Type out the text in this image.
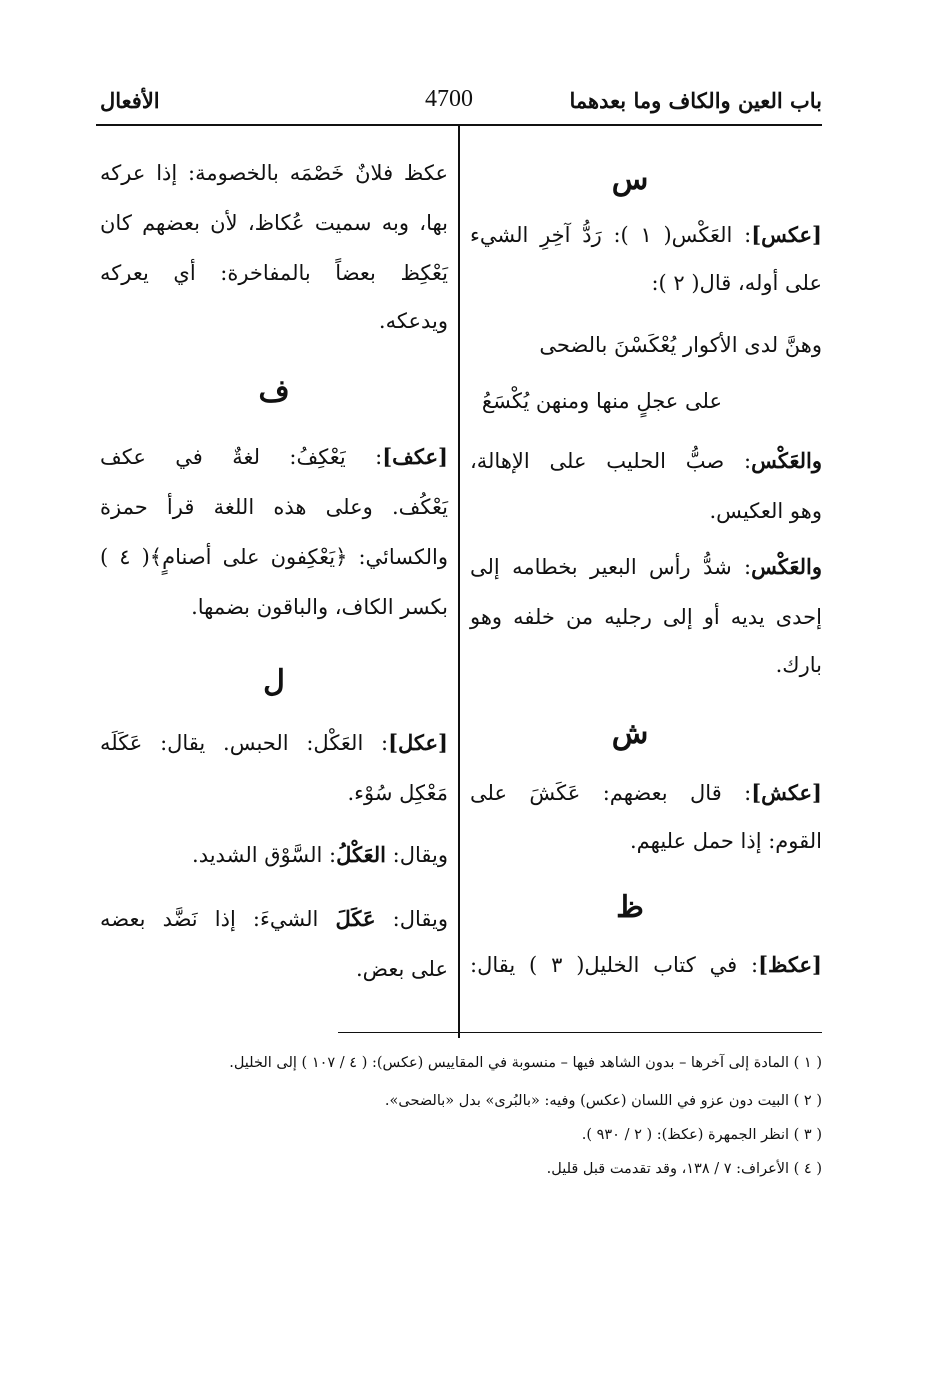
باب العين والكاف وما بعدهما
4700
الأفعال
س
[عكس]: العَكْس( ١ ): رَدُّ آخِرِ الشيء
على أوله، قال( ٢ ):
وهنَّ لدى الأكوار يُعْكَسْنَ بالضحى
على عجلٍ منها ومنهن يُكْسَعُ
والعَكْس: صبُّ الحليب على الإهالة،
وهو العكيس.
والعَكْس: شدُّ رأس البعير بخطامه إلى
إحدى يديه أو إلى رجليه من خلفه وهو
بارك.
ش
[عكش]: قال بعضهم: عَكَشَ على
القوم: إذا حمل عليهم.
ظ
[عكظ]: في كتاب الخليل( ٣ ) يقال:
عكظ فلانٌ خَصْمَه بالخصومة: إذا عركه
بها، وبه سميت عُكاظ، لأن بعضهم كان
يَعْكِظ بعضاً بالمفاخرة: أي يعركه
ويدعكه.
ف
[عكف]: يَعْكِفُ: لغةٌ في عكف
يَعْكُف. وعلى هذه اللغة قرأ حمزة
والكسائي: ﴿يَعْكِفون على أصنامٍ﴾( ٤ )
بكسر الكاف، والباقون بضمها.
ل
[عكل]: العَكْل: الحبس. يقال: عَكَلَه
مَعْكِل سُوْء.
ويقال: العَكْلُ: السَّوْق الشديد.
ويقال: عَكَلَ الشيءَ: إذا نَضَّد بعضه
على بعض.
( ١ ) المادة إلى آخرها – بدون الشاهد فيها – منسوبة في المقاييس (عكس): ( ٤ / ١٠٧ ) إلى الخليل.
( ٢ ) البيت دون عزو في اللسان (عكس) وفيه: «بالبُرى» بدل «بالضحى».
( ٣ ) انظر الجمهرة (عكظ): ( ٢ / ٩٣٠ ).
( ٤ ) الأعراف: ٧ / ١٣٨، وقد تقدمت قبل قليل.
